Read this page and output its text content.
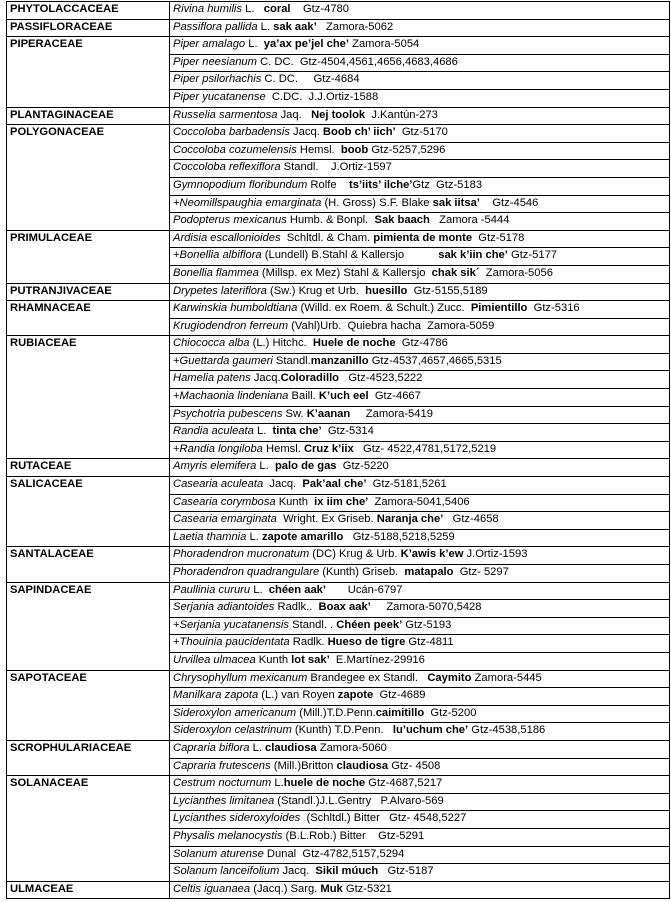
PHYTOLACCACEAE	Rivina humilis L.   coral    Gtz-4780
PASSIFLORACEAE	Passiflora pallida L. sak aak’   Zamora-5062
PIPERACEAE	Piper amalago L.  ya’ax pe’jel che’ Zamora-5054
	Piper neesianum C. DC.  Gtz-4504,4561,4656,4683,4686
	Piper psilorhachis C. DC.     Gtz-4684
	Piper yucatanense  C.DC.  J.J.Ortiz-1588
PLANTAGINACEAE	Russelia sarmentosa Jaq.   Nej toolok  J.Kantún-273
POLYGONACEAE	Coccoloba barbadensis Jacq. Boob ch’ iich’  Gtz-5170
	Coccoloba cozumelensis Hemsl.  boob Gtz-5257,5296
	Coccoloba reflexiflora Standl.    J.Ortiz-1597
	Gymnopodium floribundum Rolfe    ts’iits’ ilche’Gtz  Gtz-5183
	+Neomillspaughia emarginata (H. Gross) S.F. Blake sak iitsa’    Gtz-4546
	Podopterus mexicanus Humb. & Bonpl.  Sak baach   Zamora -5444
PRIMULACEAE	Ardisia escallonioides  Schltdl. & Cham. pimienta de monte  Gtz-5178
	+Bonellia albiflora (Lundell) B.Stahl & Kallersjo           sak k’iin che’ Gtz-5177
	Bonellia flammea (Millsp. ex Mez) Stahl & Kallersjo  chak sik´  Zamora-5056
PUTRANJIVACEAE	Drypetes lateriflora (Sw.) Krug et Urb.  huesillo  Gtz-5155,5189
RHAMNACEAE	Karwinskia humboldtiana (Willd. ex Roem. & Schult.) Zucc.  Pimientillo  Gtz-5316
	Krugiodendron ferreum (Vahl)Urb.  Quiebra hacha  Zamora-5059
RUBIACEAE	Chiococca alba (L.) Hitchc.  Huele de noche  Gtz-4786
	+Guettarda gaumeri Standl.manzanillo Gtz-4537,4657,4665,5315
	Hamelia patens Jacq.Coloradillo   Gtz-4523,5222
	+Machaonia lindeniana Baill. K’uch eel  Gtz-4667
	Psychotria pubescens Sw. K’aanan     Zamora-5419
	Randia aculeata L.  tinta che’  Gtz-5314
	+Randia longiloba Hemsl. Cruz k’iix   Gtz- 4522,4781,5172,5219
RUTACEAE	Amyris elemifera L.  palo de gas  Gtz-5220
SALICACEAE	Casearia aculeata  Jacq.  Pak’aal che’  Gtz-5181,5261
	Casearia corymbosa Kunth  ix iim che’  Zamora-5041,5406
	Casearia emarginata  Wright. Ex Griseb. Naranja che’   Gtz-4658
	Laetia thamnia L. zapote amarillo   Gtz-5188,5218,5259
SANTALACEAE	Phoradendron mucronatum (DC) Krug & Urb. K’awis k’ew J.Ortiz-1593
	Phoradendron quadrangulare (Kunth) Griseb.  matapalo  Gtz- 5297
SAPINDACEAE	Paullinia cururu L.  chéen aak’       Ucán-6797
	Serjania adiantoides Radlk..  Boax aak’     Zamora-5070,5428
	+Serjania yucatanensis Standl. . Chéen peek’ Gtz-5193
	+Thouinia paucidentata Radlk. Hueso de tigre Gtz-4811
	Urvillea ulmacea Kunth lot sak’  E.Martínez-29916
SAPOTACEAE	Chrysophyllum mexicanum Brandegee ex Standl.   Caymito Zamora-5445
	Manilkara zapota (L.) van Royen zapote  Gtz-4689
	Sideroxylon americanum (Mill.)T.D.Penn.caimitillo  Gtz-5200
	Sideroxylon celastrinum (Kunth) T.D.Penn.   lu’uchum che’ Gtz-4538,5186
SCROPHULARIACEAE	Capraria biflora L. claudiosa Zamora-5060
	Capraria frutescens (Mill.)Britton claudiosa Gtz- 4508
SOLANACEAE	Cestrum nocturnum L.huele de noche Gtz-4687,5217
	Lycianthes limitanea (Standl.)J.L.Gentry   P.Alvaro-569
	Lycianthes sideroxyloides  (Schltdl.) Bitter   Gtz- 4548,5227
	Physalis melanocystis (B.L.Rob.) Bitter    Gtz-5291
	Solanum aturense Dunal  Gtz-4782,5157,5294
	Solanum lanceifolium Jacq.  Sikil múuch   Gtz-5187
ULMACEAE	Celtis iguanaea (Jacq.) Sarg. Muk Gtz-5321
